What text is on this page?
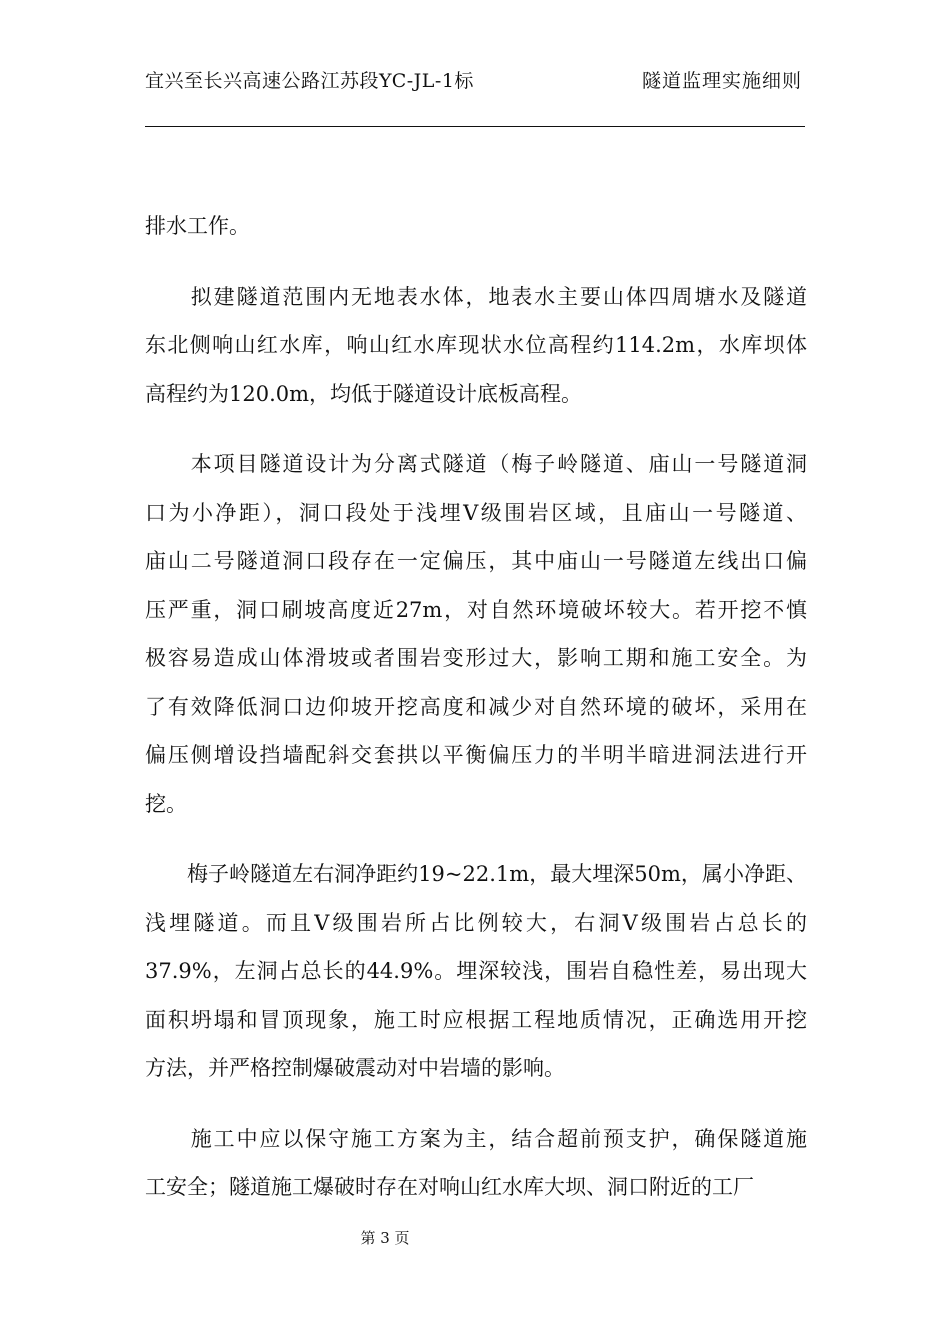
宜兴至长兴高速公路江苏段YC-JL-1标	隧道监理实施细则
排水工作。
　　拟建隧道范围内无地表水体，地表水主要山体四周塘水及隧道
东北侧响山红水库，响山红水库现状水位高程约114.2m，水库坝体
高程约为120.0m，均低于隧道设计底板高程。
　　本项目隧道设计为分离式隧道（梅子岭隧道、庙山一号隧道洞
口为小净距），洞口段处于浅埋Ⅴ级围岩区域，且庙山一号隧道、
庙山二号隧道洞口段存在一定偏压，其中庙山一号隧道左线出口偏
压严重，洞口刷坡高度近27m，对自然环境破坏较大。若开挖不慎
极容易造成山体滑坡或者围岩变形过大，影响工期和施工安全。为
了有效降低洞口边仰坡开挖高度和减少对自然环境的破坏，采用在
偏压侧增设挡墙配斜交套拱以平衡偏压力的半明半暗进洞法进行开
挖。
　　梅子岭隧道左右洞净距约19~22.1m，最大埋深50m，属小净距、
浅埋隧道。而且Ⅴ级围岩所占比例较大，右洞Ⅴ级围岩占总长的
37.9%，左洞占总长的44.9%。埋深较浅，围岩自稳性差，易出现大
面积坍塌和冒顶现象，施工时应根据工程地质情况，正确选用开挖
方法，并严格控制爆破震动对中岩墙的影响。
　　施工中应以保守施工方案为主，结合超前预支护，确保隧道施
工安全；隧道施工爆破时存在对响山红水库大坝、洞口附近的工厂
第 3 页
